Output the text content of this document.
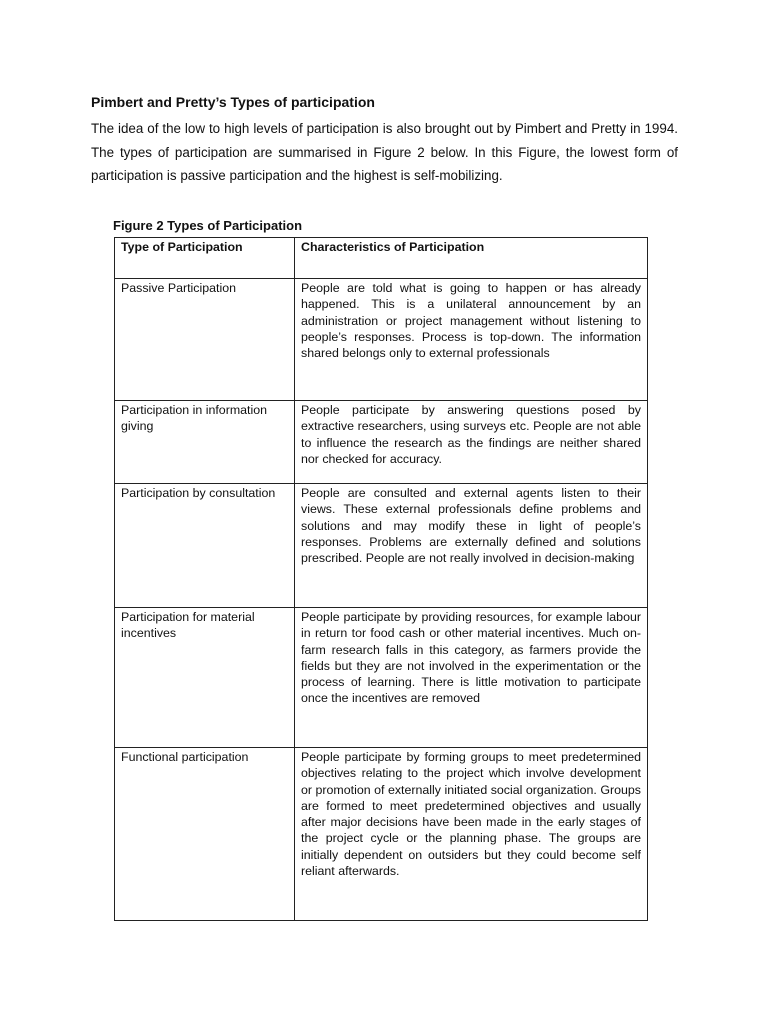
Pimbert and Pretty’s Types of participation

The idea of the low to high levels of participation is also brought out by Pimbert and Pretty in 1994. The types of participation are summarised in Figure 2 below. In this Figure, the lowest form of participation is passive participation and the highest is self-mobilizing.

Figure 2 Types of Participation

Type of Participation	Characteristics of Participation
Passive Participation	People are told what is going to happen or has already happened. This is a unilateral announcement by an administration or project management without listening to people’s responses. Process is top-down. The information shared belongs only to external professionals
Participation in information giving	People participate by answering questions posed by extractive researchers, using surveys etc. People are not able to influence the research as the findings are neither shared nor checked for accuracy.
Participation by consultation	People are consulted and external agents listen to their views. These external professionals define problems and solutions and may modify these in light of people’s responses. Problems are externally defined and solutions prescribed. People are not really involved in decision-making
Participation for material incentives	People participate by providing resources, for example labour in return tor food cash or other material incentives. Much on-farm research falls in this category, as farmers provide the fields but they are not involved in the experimentation or the process of learning. There is little motivation to participate once the incentives are removed
Functional participation	People participate by forming groups to meet predetermined objectives relating to the project which involve development or promotion of externally initiated social organization. Groups are formed to meet predetermined objectives and usually after major decisions have been made in the early stages of the project cycle or the planning phase. The groups are initially dependent on outsiders but they could become self reliant afterwards.
